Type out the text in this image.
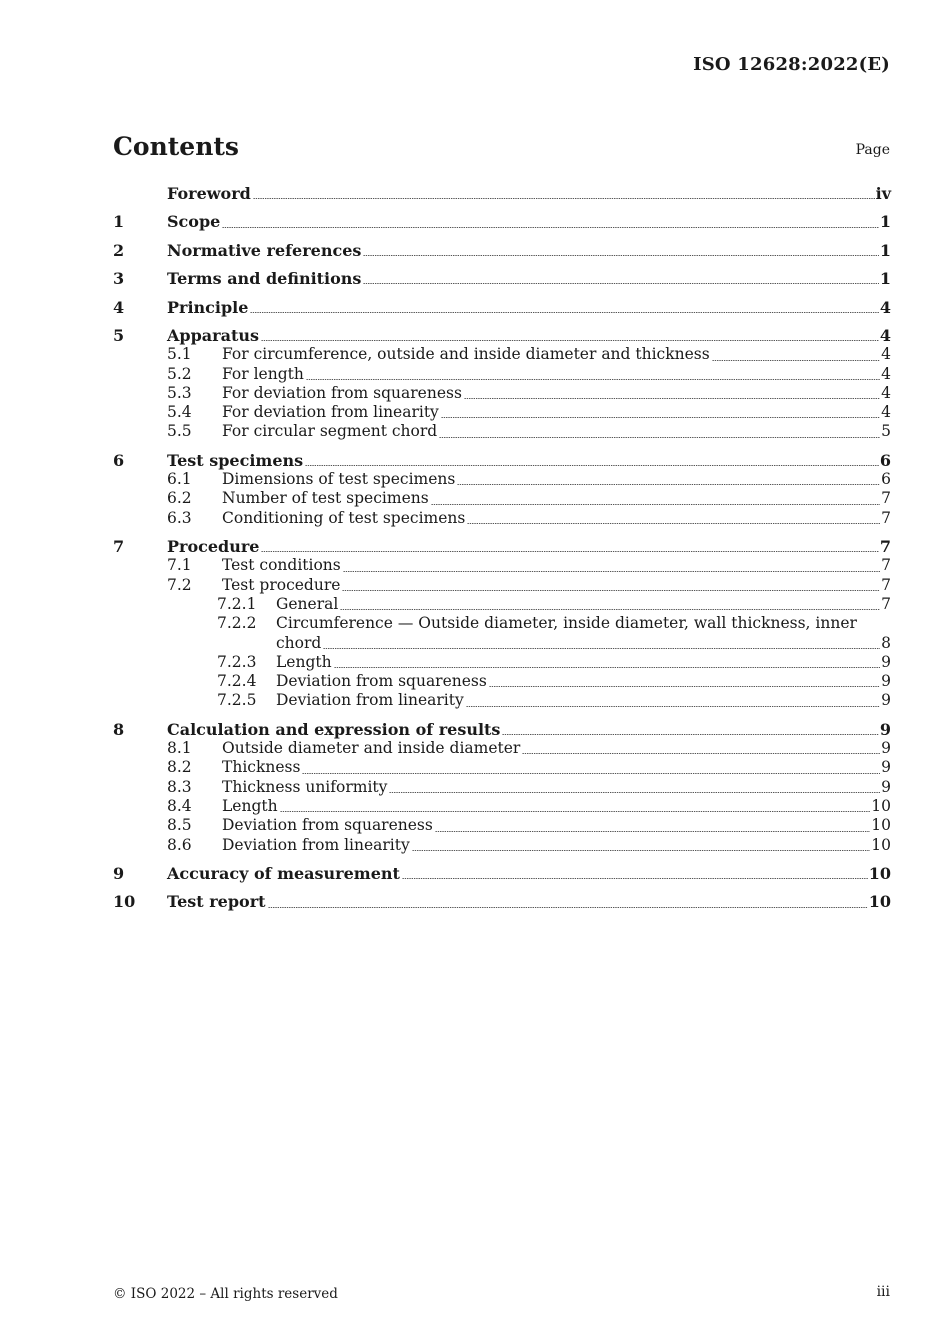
ISO 12628:2022(E)
Contents	Page
Foreword	iv
1	Scope	1
2	Normative references	1
3	Terms and definitions	1
4	Principle	4
5	Apparatus	4
5.1	For circumference, outside and inside diameter and thickness	4
5.2	For length	4
5.3	For deviation from squareness	4
5.4	For deviation from linearity	4
5.5	For circular segment chord	5
6	Test specimens	6
6.1	Dimensions of test specimens	6
6.2	Number of test specimens	7
6.3	Conditioning of test specimens	7
7	Procedure	7
7.1	Test conditions	7
7.2	Test procedure	7
7.2.1	General	7
7.2.2	Circumference — Outside diameter, inside diameter, wall thickness, inner
chord	8
7.2.3	Length	9
7.2.4	Deviation from squareness	9
7.2.5	Deviation from linearity	9
8	Calculation and expression of results	9
8.1	Outside diameter and inside diameter	9
8.2	Thickness	9
8.3	Thickness uniformity	9
8.4	Length	10
8.5	Deviation from squareness	10
8.6	Deviation from linearity	10
9	Accuracy of measurement	10
10	Test report	10
© ISO 2022 – All rights reserved	iii
